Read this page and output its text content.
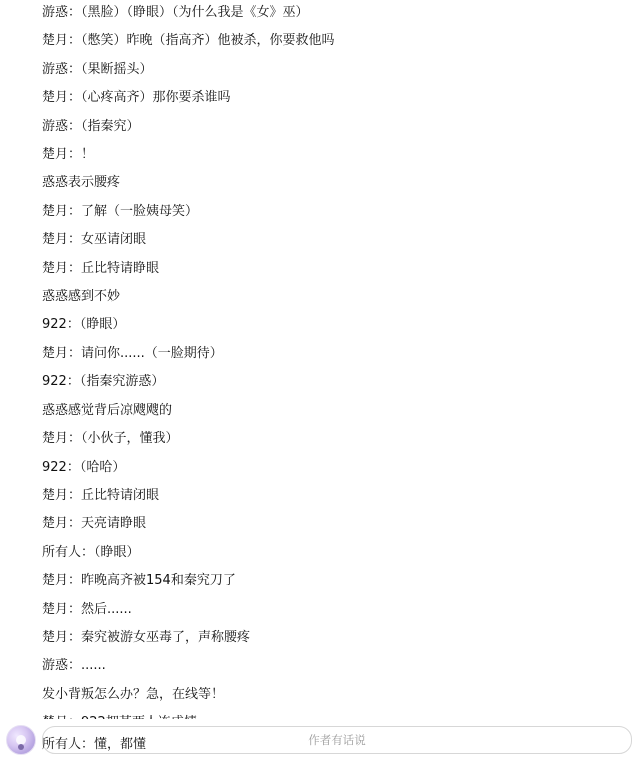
游惑：（黑脸）（睁眼）（为什么我是《女》巫）
楚月：（憋笑）昨晚（指高齐）他被杀，你要救他吗
游惑：（果断摇头）
楚月：（心疼高齐）那你要杀谁吗
游惑：（指秦究）
楚月：！
惑惑表示腰疼
楚月：了解（一脸姨母笑）
楚月：女巫请闭眼
楚月：丘比特请睁眼
惑惑感到不妙
922：（睁眼）
楚月：请问你......（一脸期待）
922：（指秦究游惑）
惑惑感觉背后凉飕飕的
楚月：（小伙子，懂我）
922：（哈哈）
楚月：丘比特请闭眼
楚月：天亮请睁眼
所有人：（睁眼）
楚月：昨晚高齐被154和秦究刀了
楚月：然后......
楚月：秦究被游女巫毒了，声称腰疼
游惑：......
发小背叛怎么办？急，在线等！
作者有话说
所有人：懂，都懂
